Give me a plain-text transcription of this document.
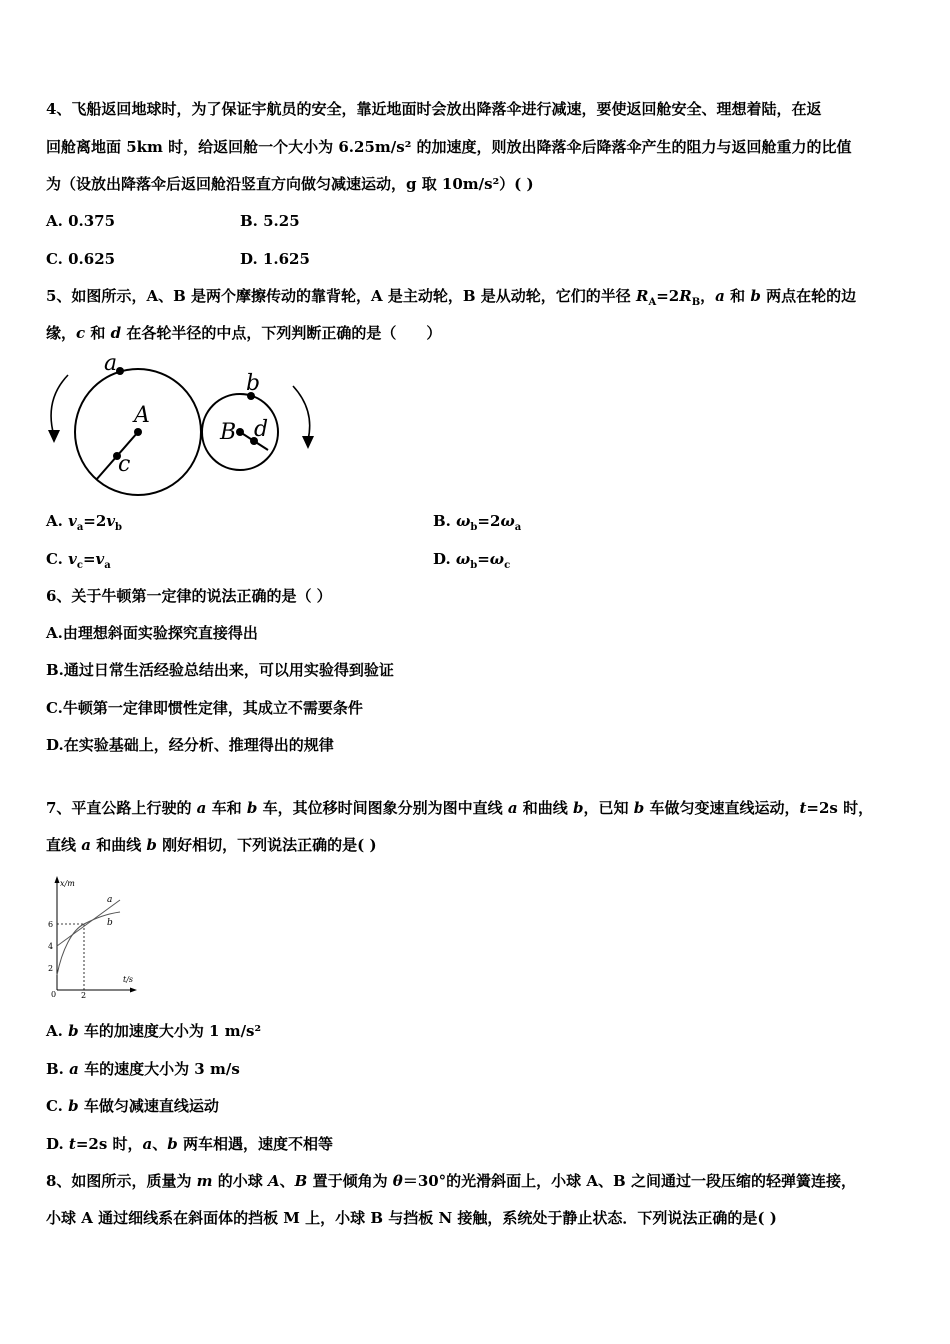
4、飞船返回地球时，为了保证宇航员的安全，靠近地面时会放出降落伞进行减速，要使返回舱安全、理想着陆，在返
回舱离地面 5km 时，给返回舱一个大小为 6.25m/s² 的加速度，则放出降落伞后降落伞产生的阻力与返回舱重力的比值
为（设放出降落伞后返回舱沿竖直方向做匀减速运动，g 取 10m/s²）( )
A. 0.375	B. 5.25
C. 0.625	D. 1.625
5、如图所示，A、B 是两个摩擦传动的靠背轮，A 是主动轮，B 是从动轮，它们的半径 $R_A=2R_B$，a 和 b 两点在轮的边
缘，c 和 d 在各轮半径的中点，下列判断正确的是（　　）
a
A
c
b
B d
A. $v_a=2v_b$	B. $\omega_b=2\omega_a$
C. $v_c=v_a$	D. $\omega_b=\omega_c$
6、关于牛顿第一定律的说法正确的是（ ）
A.由理想斜面实验探究直接得出
B.通过日常生活经验总结出来，可以用实验得到验证
C.牛顿第一定律即惯性定律，其成立不需要条件
D.在实验基础上，经分析、推理得出的规律
7、平直公路上行驶的 a 车和 b 车，其位移时间图象分别为图中直线 a 和曲线 b，已知 b 车做匀变速直线运动，t=2s 时，
直线 a 和曲线 b 刚好相切，下列说法正确的是( )
x/m
t/s
a
b
6
4
2
0	2
A. b 车的加速度大小为 1 m/s²
B. a 车的速度大小为 3 m/s
C. b 车做匀减速直线运动
D. t=2s 时，a、b 两车相遇，速度不相等
8、如图所示，质量为 m 的小球 A、B 置于倾角为 θ＝30°的光滑斜面上，小球 A、B 之间通过一段压缩的轻弹簧连接，
小球 A 通过细线系在斜面体的挡板 M 上，小球 B 与挡板 N 接触，系统处于静止状态．下列说法正确的是( )
